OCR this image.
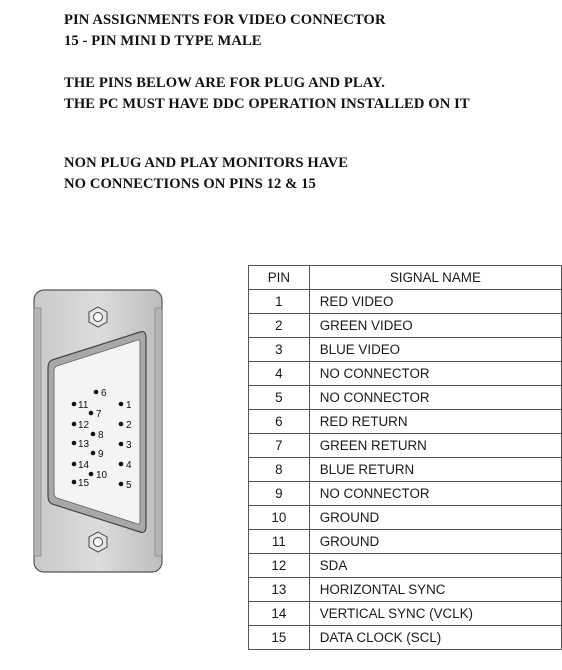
PIN ASSIGNMENTS FOR VIDEO CONNECTOR
15 - PIN MINI D TYPE MALE
THE PINS BELOW ARE FOR PLUG AND PLAY.
THE PC MUST HAVE DDC OPERATION INSTALLED ON IT
NON PLUG AND PLAY MONITORS HAVE
NO CONNECTIONS ON PINS 12 & 15
1
2
3
4
5
6
7
8
9
10
11
12
13
14
15
PIN	SIGNAL NAME
1	RED VIDEO
2	GREEN VIDEO
3	BLUE VIDEO
4	NO CONNECTOR
5	NO CONNECTOR
6	RED RETURN
7	GREEN RETURN
8	BLUE RETURN
9	NO CONNECTOR
10	GROUND
11	GROUND
12	SDA
13	HORIZONTAL SYNC
14	VERTICAL SYNC (VCLK)
15	DATA CLOCK (SCL)
